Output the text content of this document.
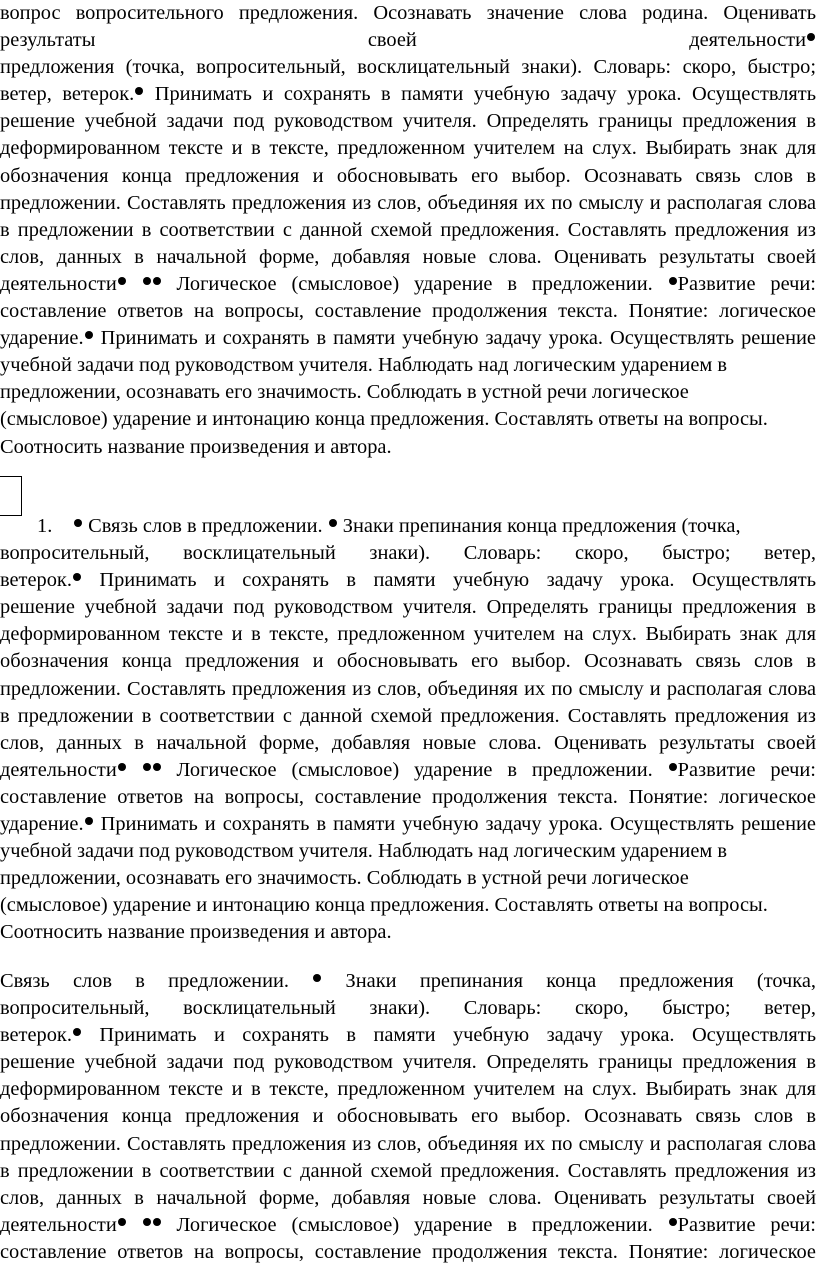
вопрос вопросительного предложения. Осознавать значение слова родина. Оценивать
результаты	своей	деятельности
предложения (точка, вопросительный, восклицательный знаки). Словарь: скоро, быстро;
ветер, ветерок. Принимать и сохранять в памяти учебную задачу урока. Осуществлять
решение учебной задачи под руководством учителя. Определять границы предложения в
деформированном тексте и в тексте, предложенном учителем на слух. Выбирать знак для
обозначения конца предложения и обосновывать его выбор. Осознавать связь слов в
предложении. Составлять предложения из слов, объединяя их по смыслу и располагая слова
в предложении в соответствии с данной схемой предложения. Составлять предложения из
слов, данных в начальной форме, добавляя новые слова. Оценивать результаты своей
деятельности	Логическое (смысловое) ударение в предложении. Развитие речи:
составление ответов на вопросы, составление продолжения текста. Понятие: логическое
ударение. Принимать и сохранять в памяти учебную задачу урока. Осуществлять решение
учебной задачи под руководством учителя. Наблюдать над логическим ударением в
предложении, осознавать его значимость. Соблюдать в устной речи логическое
(смысловое) ударение и интонацию конца предложения. Составлять ответы на вопросы.
Соотносить название произведения и автора.
1. Связь слов в предложении.  Знаки препинания конца предложения (точка,
вопросительный, восклицательный знаки). Словарь: скоро, быстро; ветер,
ветерок. Принимать и сохранять в памяти учебную задачу урока. Осуществлять
решение учебной задачи под руководством учителя. Определять границы предложения в
деформированном тексте и в тексте, предложенном учителем на слух. Выбирать знак для
обозначения конца предложения и обосновывать его выбор. Осознавать связь слов в
предложении. Составлять предложения из слов, объединяя их по смыслу и располагая слова
в предложении в соответствии с данной схемой предложения. Составлять предложения из
слов, данных в начальной форме, добавляя новые слова. Оценивать результаты своей
деятельности	Логическое (смысловое) ударение в предложении. Развитие речи:
составление ответов на вопросы, составление продолжения текста. Понятие: логическое
ударение. Принимать и сохранять в памяти учебную задачу урока. Осуществлять решение
учебной задачи под руководством учителя. Наблюдать над логическим ударением в
предложении, осознавать его значимость. Соблюдать в устной речи логическое
(смысловое) ударение и интонацию конца предложения. Составлять ответы на вопросы.
Соотносить название произведения и автора.
Связь слов в предложении.  Знаки препинания конца предложения (точка,
вопросительный, восклицательный знаки). Словарь: скоро, быстро; ветер,
ветерок. Принимать и сохранять в памяти учебную задачу урока. Осуществлять
решение учебной задачи под руководством учителя. Определять границы предложения в
деформированном тексте и в тексте, предложенном учителем на слух. Выбирать знак для
обозначения конца предложения и обосновывать его выбор. Осознавать связь слов в
предложении. Составлять предложения из слов, объединяя их по смыслу и располагая слова
в предложении в соответствии с данной схемой предложения. Составлять предложения из
слов, данных в начальной форме, добавляя новые слова. Оценивать результаты своей
деятельности	Логическое (смысловое) ударение в предложении. Развитие речи:
составление ответов на вопросы, составление продолжения текста. Понятие: логическое
